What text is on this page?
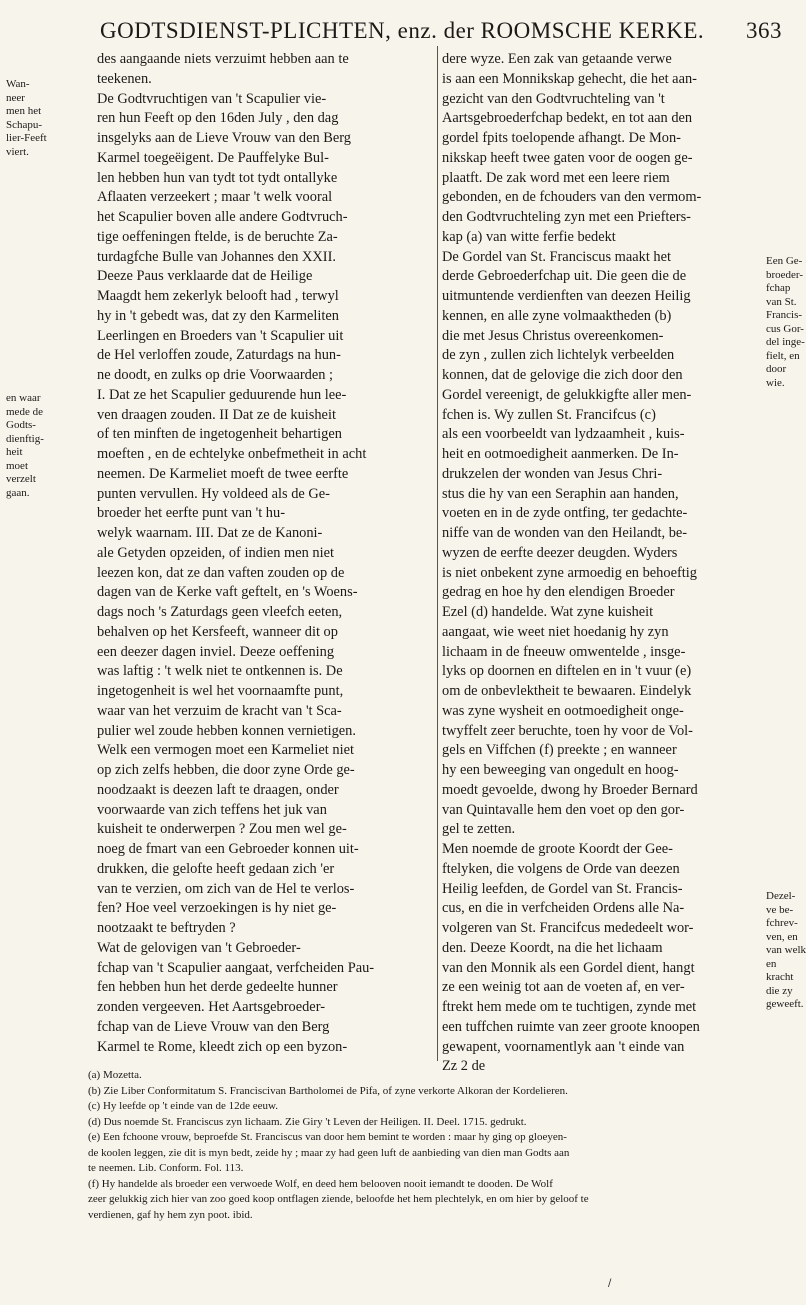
GODTSDIENST-PLICHTEN, enz. der ROOMSCHE KERKE. 363
des aangaande niets verzuimt hebben aan te
teekenen.
De Godtvruchtigen van 't Scapulier vie-
ren hun Feeft op den 16den July , den dag
insgelyks aan de Lieve Vrouw van den Berg
Karmel toegeëigent. De Pauffelyke Bul-
len hebben hun van tydt tot tydt ontallyke
Aflaaten verzeekert ; maar 't welk vooral
het Scapulier boven alle andere Godtvruch-
tige oeffeningen ftelde, is de beruchte Za-
turdagfche Bulle van Johannes den XXII.
Deeze Paus verklaarde dat de Heilige
Maagdt hem zekerlyk belooft had , terwyl
hy in 't gebedt was, dat zy den Karmeliten
Leerlingen en Broeders van 't Scapulier uit
de Hel verloffen zoude, Zaturdags na hun-
ne doodt, en zulks op drie Voorwaarden ;
I. Dat ze het Scapulier geduurende hun lee-
ven draagen zouden. II Dat ze de kuisheit
of ten minften de ingetogenheit behartigen
moeften , en de echtelyke onbefmetheit in acht
neemen. De Karmeliet moeft de twee eerfte
punten vervullen. Hy voldeed als de Ge-
broeder het eerfte punt van 't hu-
welyk waarnam. III. Dat ze de Kanoni-
ale Getyden opzeiden, of indien men niet
leezen kon, dat ze dan vaften zouden op de
dagen van de Kerke vaft geftelt, en 's Woens-
dags noch 's Zaturdags geen vleefch eeten,
behalven op het Kersfeeft, wanneer dit op
een deezer dagen inviel. Deeze oeffening
was laftig : 't welk niet te ontkennen is. De
ingetogenheit is wel het voornaamfte punt,
waar van het verzuim de kracht van 't Sca-
pulier wel zoude hebben konnen vernietigen.
Welk een vermogen moet een Karmeliet niet
op zich zelfs hebben, die door zyne Orde ge-
noodzaakt is deezen laft te draagen, onder
voorwaarde van zich teffens het juk van
kuisheit te onderwerpen ? Zou men wel ge-
noeg de fmart van een Gebroeder konnen uit-
drukken, die gelofte heeft gedaan zich 'er
van te verzien, om zich van de Hel te verlos-
fen? Hoe veel verzoekingen is hy niet ge-
nootzaakt te beftryden ?
Wat de gelovigen van 't Gebroeder-
fchap van 't Scapulier aangaat, verfcheiden Pau-
fen hebben hun het derde gedeelte hunner
zonden vergeeven. Het Aartsgebroeder-
fchap van de Lieve Vrouw van den Berg
Karmel te Rome, kleedt zich op een byzon-
dere wyze. Een zak van getaande verwe
is aan een Monnikskap gehecht, die het aan-
gezicht van den Godtvruchteling van 't
Aartsgebroederfchap bedekt, en tot aan den
gordel fpits toelopende afhangt. De Mon-
nikskap heeft twee gaten voor de oogen ge-
plaatft. De zak word met een leere riem
gebonden, en de fchouders van den vermom-
den Godtvruchteling zyn met een Priefters-
kap (a) van witte ferfie bedekt
De Gordel van St. Franciscus maakt het
derde Gebroederfchap uit. Die geen die de
uitmuntende verdienften van deezen Heilig
kennen, en alle zyne volmaaktheden (b)
die met Jesus Christus overeenkomen-
de zyn , zullen zich lichtelyk verbeelden
konnen, dat de gelovige die zich door den
Gordel vereenigt, de gelukkigfte aller men-
fchen is. Wy zullen St. Francifcus (c)
als een voorbeeldt van lydzaamheit , kuis-
heit en ootmoedigheit aanmerken. De In-
drukzelen der wonden van Jesus Chri-
stus die hy van een Seraphin aan handen,
voeten en in de zyde ontfing, ter gedachte-
niffe van de wonden van den Heilandt, be-
wyzen de eerfte deezer deugden. Wyders
is niet onbekent zyne armoedig en behoeftig
gedrag en hoe hy den elendigen Broeder
Ezel (d) handelde. Wat zyne kuisheit
aangaat, wie weet niet hoedanig hy zyn
lichaam in de fneeuw omwentelde , insge-
lyks op doornen en diftelen en in 't vuur (e)
om de onbevlektheit te bewaaren. Eindelyk
was zyne wysheit en ootmoedigheit onge-
twyffelt zeer beruchte, toen hy voor de Vol-
gels en Viffchen (f) preekte ; en wanneer
hy een beweeging van ongedult en hoog-
moedt gevoelde, dwong hy Broeder Bernard
van Quintavalle hem den voet op den gor-
gel te zetten.
Men noemde de groote Koordt der Gee-
ftelyken, die volgens de Orde van deezen
Heilig leefden, de Gordel van St. Francis-
cus, en die in verfcheiden Ordens alle Na-
volgeren van St. Francifcus mededeelt wor-
den. Deeze Koordt, na die het lichaam
van den Monnik als een Gordel dient, hangt
ze een weinig tot aan de voeten af, en ver-
ftrekt hem mede om te tuchtigen, zynde met
een tuffchen ruimte van zeer groote knoopen
gewapent, voornamentlyk aan 't einde van
Zz 2 de
Wan-
neer
men het
Schapu-
lier-Feeft
viert.
en waar
mede de
Godts-
dienftig-
heit
moet
verzelt
gaan.
Een Ge-
broeder-
fchap
van St.
Francis-
cus Gor-
del inge-
fielt, en
door
wie.
Dezel-
ve be-
fchrev-
ven, en
van welk
en kracht
die zy
geweeft.
(a) Mozetta.
(b) Zie Liber Conformitatum S. Franciscivan Bartholomei de Pifa, of zyne verkorte Alkoran der Kordelieren.
(c) Hy leefde op 't einde van de 12de eeuw.
(d) Dus noemde St. Franciscus zyn lichaam. Zie Giry 't Leven der Heiligen. II. Deel. 1715. gedrukt.
(e) Een fchoone vrouw, beproefde St. Franciscus van door hem bemint te worden : maar hy ging op gloeyen-
de koolen leggen, zie dit is myn bedt, zeide hy ; maar zy had geen luft de aanbieding van dien man Godts aan
te neemen. Lib. Conform. Fol. 113.
(f) Hy handelde als broeder een verwoede Wolf, en deed hem belooven nooit iemandt te dooden. De Wolf
zeer gelukkig zich hier van zoo goed koop ontflagen ziende, beloofde het hem plechtelyk, en om hier by geloof te
verdienen, gaf hy hem zyn poot. ibid.
/
